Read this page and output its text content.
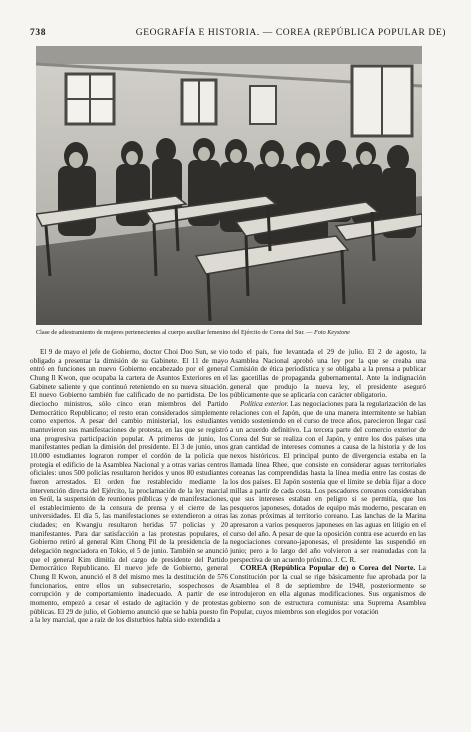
738	GEOGRAFÍA E HISTORIA. — COREA (REPÚBLICA POPULAR DE)
Clase de adiestramiento de mujeres pertenecientes al cuerpo auxiliar femenino del Ejército de Corea del Sur. — Foto Keystone

El 9 de mayo el jefe de Gobierno, doctor Choi Doo Sun, se vio obligado a presentar la dimisión de su Gabinete. El 11 de mayo entró en funciones un nuevo Gobierno encabezado por el general Chung Il Kwon, que ocupaba la cartera de Asuntos Exteriores en el Gabinete saliente y que continuó reteniendo en su nueva situación. El nuevo Gobierno también fue calificado de no partidista. De los dieciocho ministros, sólo cinco eran miembros del Partido Democrático Republicano; el resto eran considerados simplemente como expertos. A pesar del cambio ministerial, los estudiantes mantuvieron sus manifestaciones de protesta, en las que se registró una progresiva participación popular. A primeros de junio, los manifestantes pedían la dimisión del presidente. El 3 de junio, unos 10.000 estudiantes lograron romper el cordón de la policía que protegía el edificio de la Asamblea Nacional y a otras varias centros oficiales: unos 500 policías resultaron heridos y unos 80 estudiantes fueron arrestados. El orden fue restablecido mediante la intervención directa del Ejército, la proclamación de la ley marcial en Seúl, la suspensión de reuniones públicas y de manifestaciones, el establecimiento de la censura de prensa y el cierre de las universidades. El día 5, las manifestaciones se extendieron a otras ciudades; en Kwangju resultaron heridas 57 policías y 20 manifestantes. Para dar satisfacción a las protestas populares, el Gobierno retiró al general Kim Chong Pil de la presidencia de la delegación negociadora en Tokio, el 5 de junio. También se anunció que el general Kim dimitía del cargo de presidente del Partido Democrático Republicano. El nuevo jefe de Gobierno, general Chung Il Kwon, anunció el 8 del mismo mes la destitución de 576 funcionarios, entre ellos un subsecretario, sospechosos de corrupción y de comportamiento inadecuado. A partir de ese momento, empezó a cesar el estado de agitación y de protestas públicas. El 29 de julio, el Gobierno anunció que se había puesto fin a la ley marcial, que a raíz de los disturbios había sido extendida a

todo el país, fue levantada el 29 de julio. El 2 de agosto, la Asamblea Nacional aprobó una ley por la que se creaba una Comisión de ética periodística y se obligaba a la prensa a publicar las gacetillas de propaganda gubernamental. Ante la indignación general que produjo la nueva ley, el presidente aseguró públicamente que se aplicaría con carácter obligatorio.

Política exterior. Las negociaciones para la regularización de las relaciones con el Japón, que de una manera intermitente se habían venido sosteniendo en el curso de trece años, parecieron llegar casi a un acuerdo definitivo. La tercera parte del comercio exterior de Corea del Sur se realiza con el Japón, y entre los dos países una gran cantidad de intereses comunes a causa de la historia y de los nexos históricos. El principal punto de divergencia estaba en la llamada línea Rhee, que consiste en considerar aguas territoriales coreanas las comprendidas hasta la línea media entre las costas de los dos países. El Japón sostenía que el límite se debía fijar a doce millas a partir de cada costa. Los pescadores coreanos consideraban que sus intereses estaban en peligro si se permitía, que los pesqueros japoneses, dotados de equipo más moderno, pescaran en las zonas próximas al territorio coreano. Las lanchas de la Marina apresaron a varios pesqueros japoneses en las aguas en litigio en el curso del año. A pesar de que la oposición contra ese acuerdo en las negociaciones coreano-japonesas, el presidente las suspendió en junio; pero a lo largo del año volvieron a ser reanudadas con la perspectiva de un acuerdo próximo. J. C. R.

COREA (República Popular de) o Corea del Norte. La Constitución por la cual se rige básicamente fue aprobada por la Asamblea el 8 de septiembre de 1948, posteriormente se introdujeron en ella algunas modificaciones. Sus organismos de gobierno son de estructura comunista: una Suprema Asamblea Popular, cuyos miembros son elegidos por votación
